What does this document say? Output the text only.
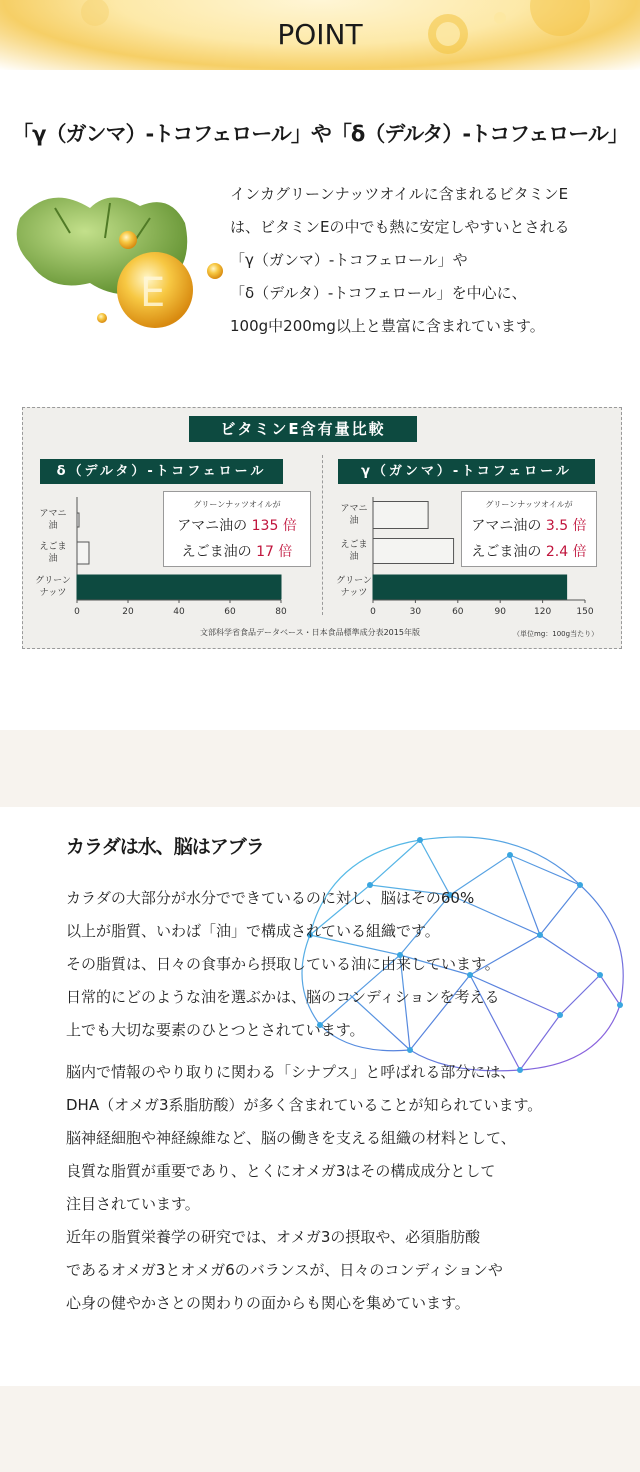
POINT
「γ（ガンマ）-トコフェロール」や「δ（デルタ）-トコフェロール」
E
インカグリーンナッツオイルに含まれるビタミンE
は、ビタミンEの中でも熱に安定しやすいとされる
「γ（ガンマ）-トコフェロール」や
「δ（デルタ）-トコフェロール」を中心に、
100g中200mg以上と豊富に含まれています。
ビタミンE含有量比較
δ（デルタ）‐トコフェロール	γ（ガンマ）‐トコフェロール
アマニ
油
えごま
油
グリーン
ナッツ
0	20	40	60	80
アマニ
油
えごま
油
グリーン
ナッツ
0	30	60	90	120	150
グリーンナッツオイルが
アマニ油の 135 倍
えごま油の 17 倍
グリーンナッツオイルが
アマニ油の 3.5 倍
えごま油の 2.4 倍
文部科学省食品データベース・日本食品標準成分表2015年版	（単位mg：100g当たり）
カラダは水、脳はアブラ
カラダの大部分が水分でできているのに対し、脳はその60%
以上が脂質、いわば「油」で構成されている組織です。
その脂質は、日々の食事から摂取している油に由来しています。
日常的にどのような油を選ぶかは、脳のコンディションを考える
上でも大切な要素のひとつとされています。
脳内で情報のやり取りに関わる「シナプス」と呼ばれる部分には、
DHA（オメガ3系脂肪酸）が多く含まれていることが知られています。
脳神経細胞や神経線維など、脳の働きを支える組織の材料として、
良質な脂質が重要であり、とくにオメガ3はその構成成分として
注目されています。
近年の脂質栄養学の研究では、オメガ3の摂取や、必須脂肪酸
であるオメガ3とオメガ6のバランスが、日々のコンディションや
心身の健やかさとの関わりの面からも関心を集めています。
